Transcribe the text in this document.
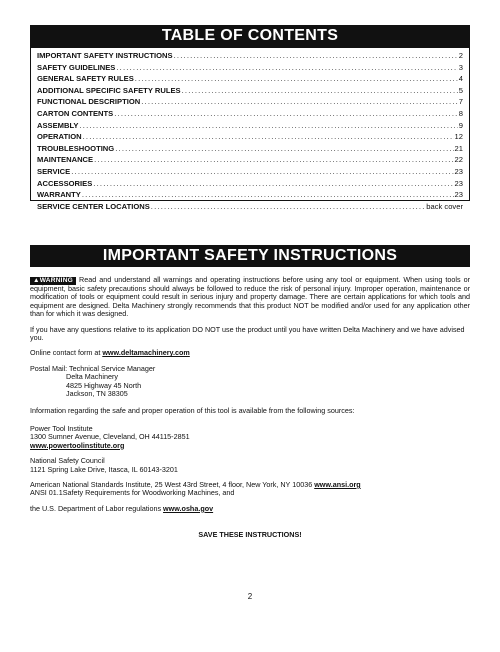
TABLE OF CONTENTS
IMPORTANT SAFETY INSTRUCTIONS .....	2
SAFETY GUIDELINES .....	3
GENERAL SAFETY RULES .....	4
ADDITIONAL SPECIFIC SAFETY RULES .....	5
FUNCTIONAL DESCRIPTION .....	7
CARTON CONTENTS .....	8
ASSEMBLY .....	9
OPERATION .....	12
TROUBLESHOOTING .....	21
MAINTENANCE .....	22
SERVICE .....	23
ACCESSORIES .....	23
WARRANTY .....	23
SERVICE CENTER LOCATIONS .....	back cover
IMPORTANT SAFETY INSTRUCTIONS

▲WARNING Read and understand all warnings and operating instructions before using any tool or equipment. When using tools or equipment, basic safety precautions should always be followed to reduce the risk of personal injury. Improper operation, maintenance or modification of tools or equipment could result in serious injury and property damage. There are certain applications for which tools and equipment are designed. Delta Machinery strongly recommends that this product NOT be modified and/or used for any application other than for which it was designed.

If you have any questions relative to its application DO NOT use the product until you have written Delta Machinery and we have advised you.

Online contact form at www.deltamachinery.com

Postal Mail: Technical Service Manager
Delta Machinery
4825 Highway 45 North
Jackson, TN 38305

Information regarding the safe and proper operation of this tool is available from the following sources:

Power Tool Institute
1300 Sumner Avenue, Cleveland, OH 44115-2851
www.powertoolinstitute.org
National Safety Council
1121 Spring Lake Drive, Itasca, IL 60143-3201
American National Standards Institute, 25 West 43rd Street, 4 floor, New York, NY 10036 www.ansi.org
ANSI 01.1Safety Requirements for Woodworking Machines, and

the U.S. Department of Labor regulations www.osha.gov

SAVE THESE INSTRUCTIONS!

2
